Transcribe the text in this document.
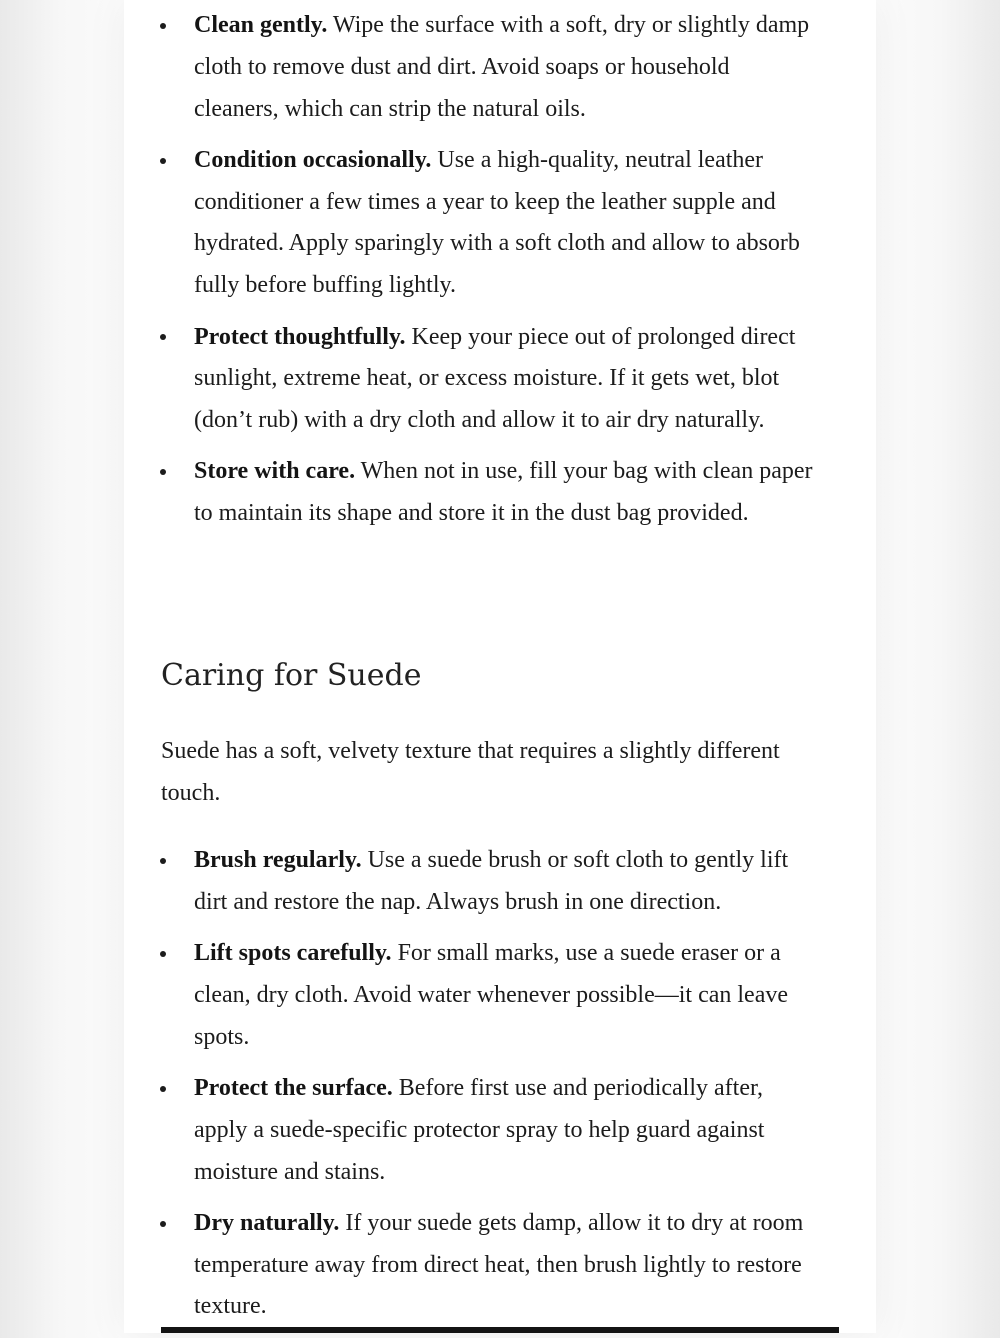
Clean gently. Wipe the surface with a soft, dry or slightly damp cloth to remove dust and dirt. Avoid soaps or household cleaners, which can strip the natural oils.
Condition occasionally. Use a high-quality, neutral leather conditioner a few times a year to keep the leather supple and hydrated. Apply sparingly with a soft cloth and allow to absorb fully before buffing lightly.
Protect thoughtfully. Keep your piece out of prolonged direct sunlight, extreme heat, or excess moisture. If it gets wet, blot (don’t rub) with a dry cloth and allow it to air dry naturally.
Store with care. When not in use, fill your bag with clean paper to maintain its shape and store it in the dust bag provided.
Caring for Suede

Suede has a soft, velvety texture that requires a slightly different touch.

Brush regularly. Use a suede brush or soft cloth to gently lift dirt and restore the nap. Always brush in one direction.
Lift spots carefully. For small marks, use a suede eraser or a clean, dry cloth. Avoid water whenever possible—it can leave spots.
Protect the surface. Before first use and periodically after, apply a suede-specific protector spray to help guard against moisture and stains.
Dry naturally. If your suede gets damp, allow it to dry at room temperature away from direct heat, then brush lightly to restore texture.
